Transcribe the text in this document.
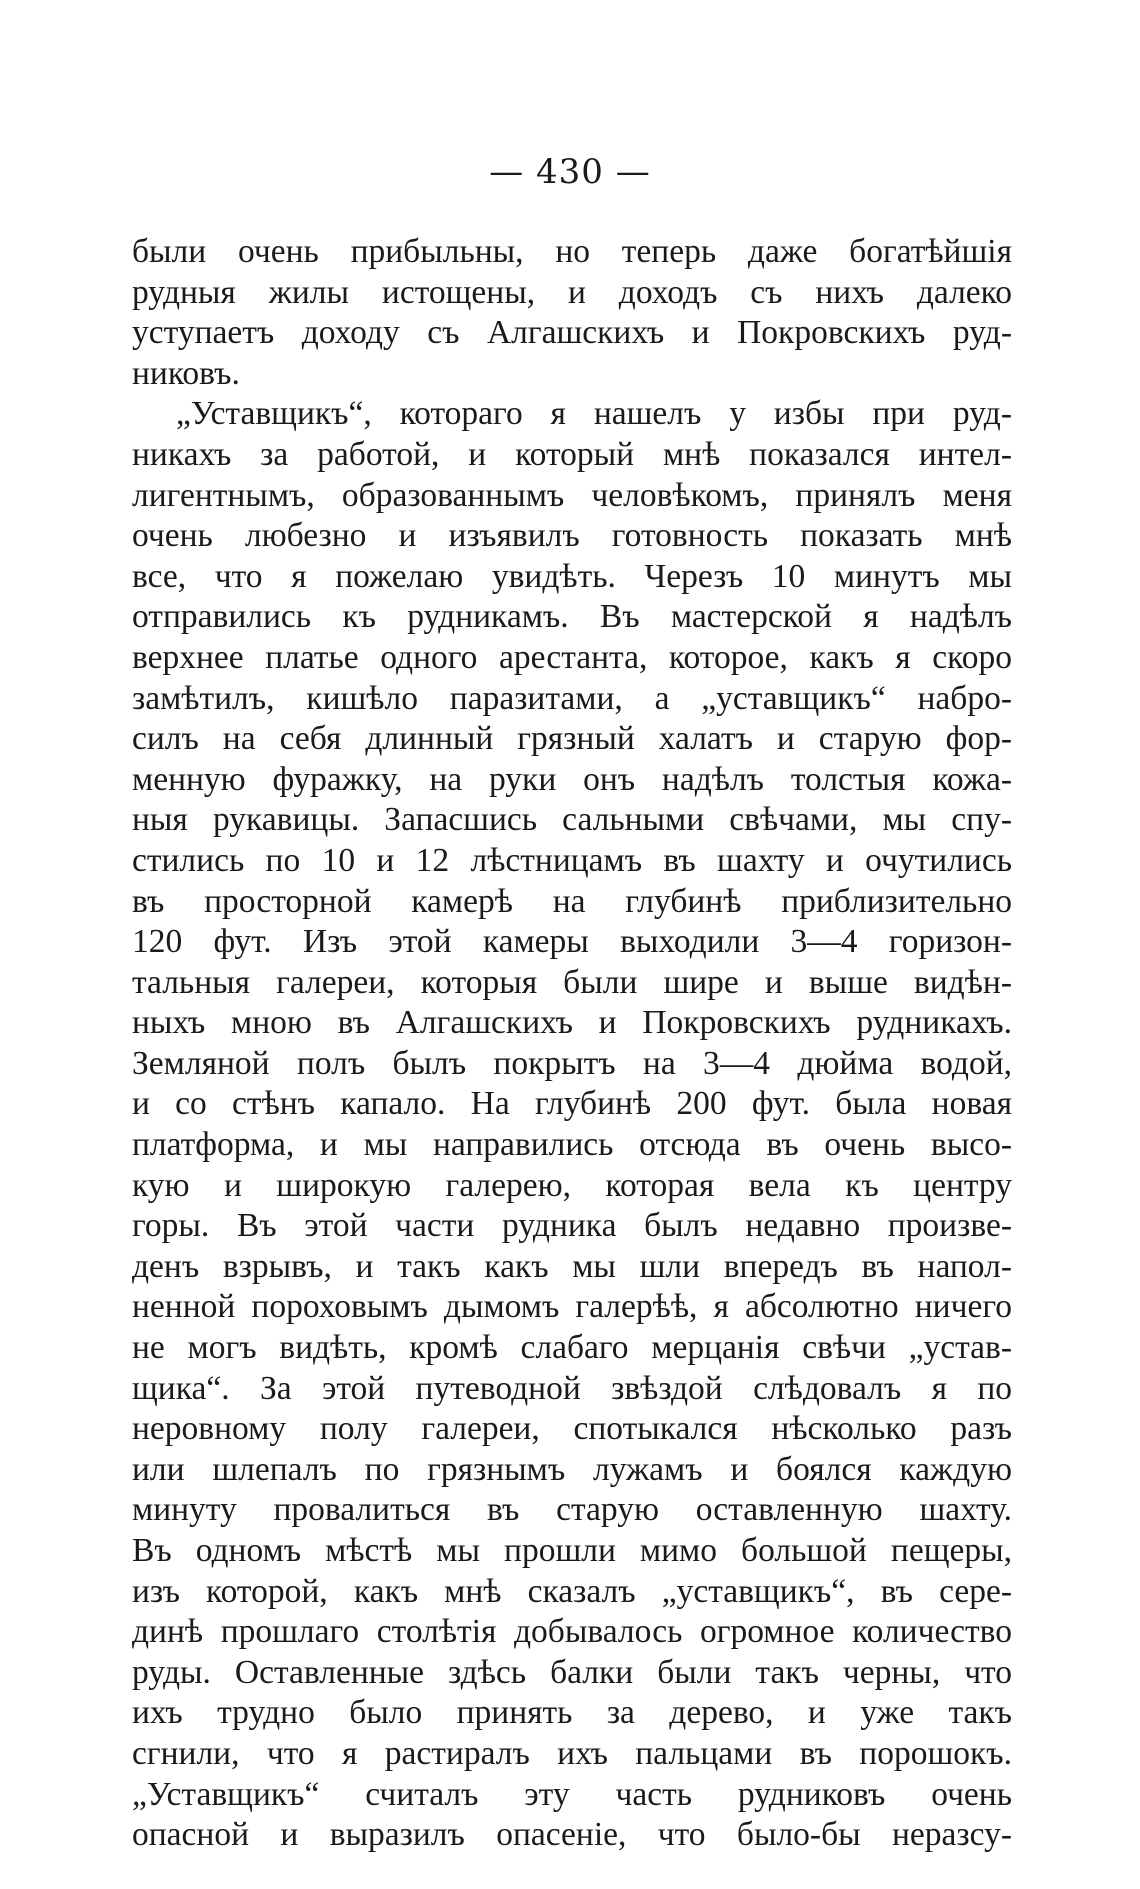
— 430 —
были очень прибыльны, но теперь даже богатѣйшія
рудныя жилы истощены, и доходъ съ нихъ далеко
уступаетъ доходу съ Алгашскихъ и Покровскихъ руд-
никовъ.
„Уставщикъ“, котораго я нашелъ у избы при руд-
никахъ за работой, и который мнѣ показался интел-
лигентнымъ, образованнымъ человѣкомъ, принялъ меня
очень любезно и изъявилъ готовность показать мнѣ
все, что я пожелаю увидѣть. Черезъ 10 минутъ мы
отправились къ рудникамъ. Въ мастерской я надѣлъ
верхнее платье одного арестанта, которое, какъ я скоро
замѣтилъ, кишѣло паразитами, а „уставщикъ“ набро-
силъ на себя длинный грязный халатъ и старую фор-
менную фуражку, на руки онъ надѣлъ толстыя кожа-
ныя рукавицы. Запасшись сальными свѣчами, мы спу-
стились по 10 и 12 лѣстницамъ въ шахту и очутились
въ просторной камерѣ на глубинѣ приблизительно
120 фут. Изъ этой камеры выходили 3—4 горизон-
тальныя галереи, которыя были шире и выше видѣн-
ныхъ мною въ Алгашскихъ и Покровскихъ рудникахъ.
Земляной полъ былъ покрытъ на 3—4 дюйма водой,
и со стѣнъ капало. На глубинѣ 200 фут. была новая
платформа, и мы направились отсюда въ очень высо-
кую и широкую галерею, которая вела къ центру
горы. Въ этой части рудника былъ недавно произве-
денъ взрывъ, и такъ какъ мы шли впередъ въ напол-
ненной пороховымъ дымомъ галерѣѣ, я абсолютно ничего
не могъ видѣть, кромѣ слабаго мерцанія свѣчи „устав-
щика“. За этой путеводной звѣздой слѣдовалъ я по
неровному полу галереи, спотыкался нѣсколько разъ
или шлепалъ по грязнымъ лужамъ и боялся каждую
минуту провалиться въ старую оставленную шахту.
Въ одномъ мѣстѣ мы прошли мимо большой пещеры,
изъ которой, какъ мнѣ сказалъ „уставщикъ“, въ сере-
динѣ прошлаго столѣтія добывалось огромное количество
руды. Оставленные здѣсь балки были такъ черны, что
ихъ трудно было принять за дерево, и уже такъ
сгнили, что я растиралъ ихъ пальцами въ порошокъ.
„Уставщикъ“ считалъ эту часть рудниковъ очень
опасной и выразилъ опасеніе, что было-бы неразсу-
